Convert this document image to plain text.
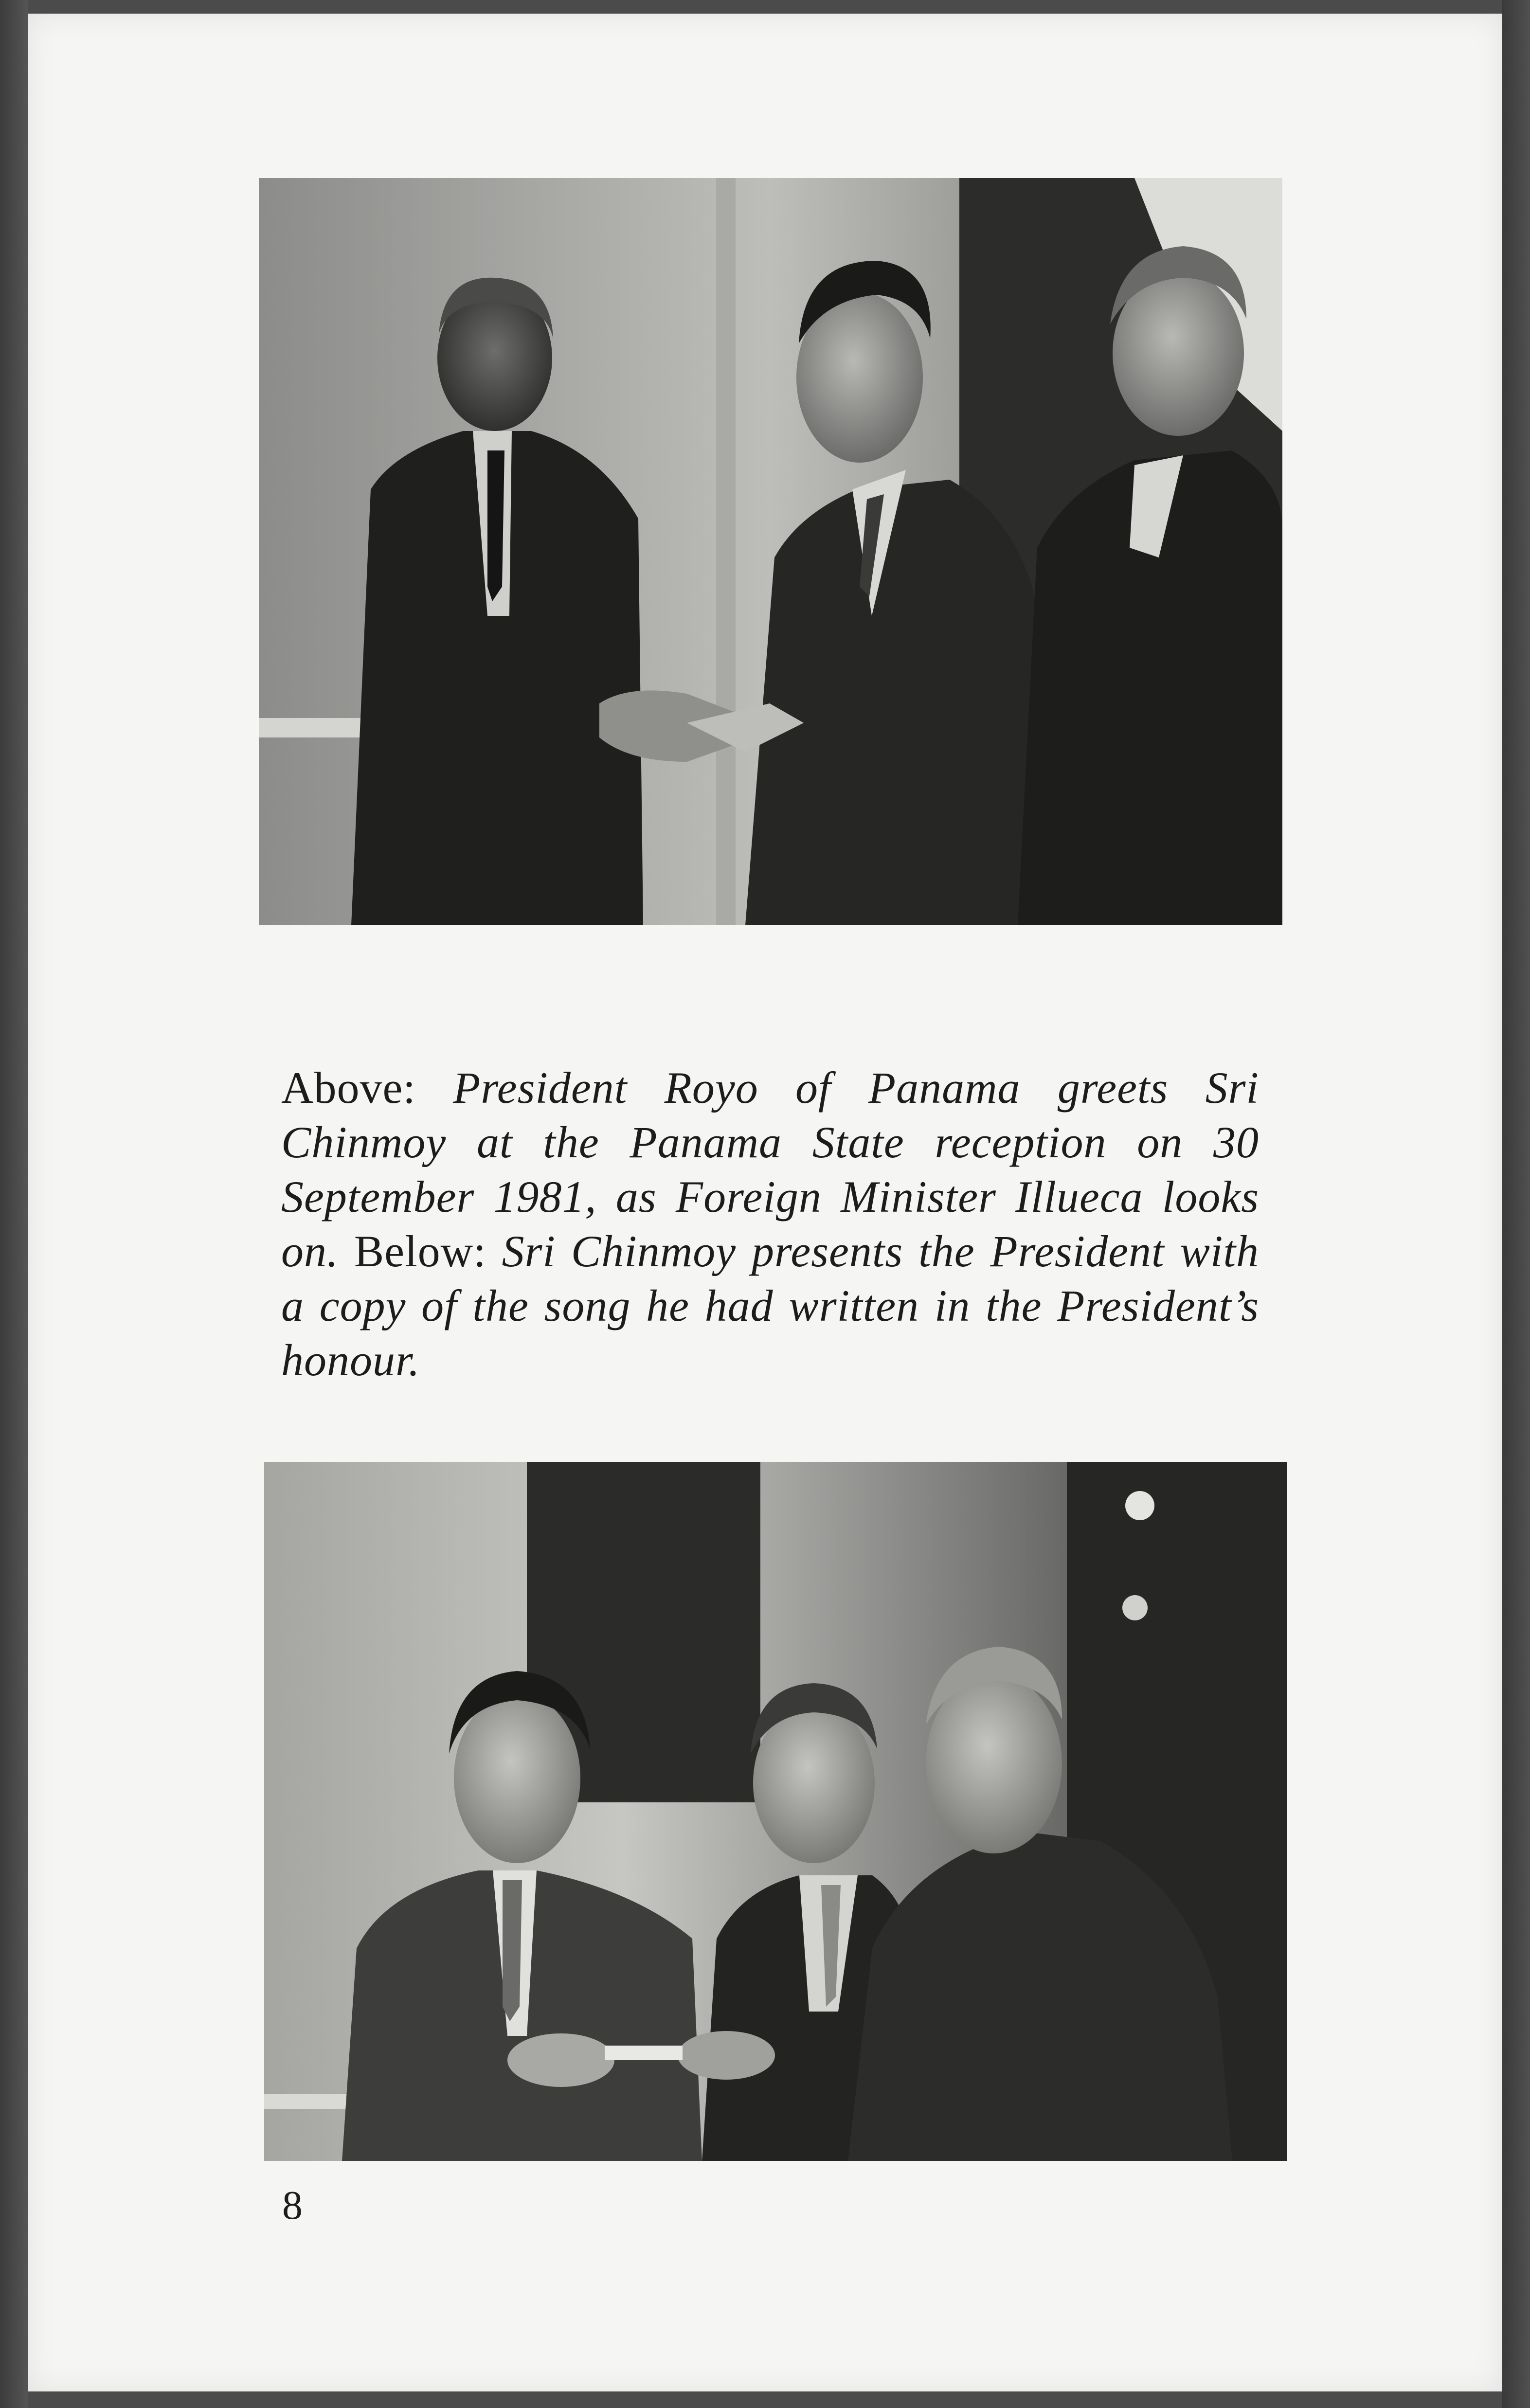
Above: President Royo of Panama greets Sri Chinmoy at the Panama State reception on 30 September 1981, as Foreign Minister Illueca looks on. Below: Sri Chinmoy presents the President with a copy of the song he had written in the President’s honour.
8
